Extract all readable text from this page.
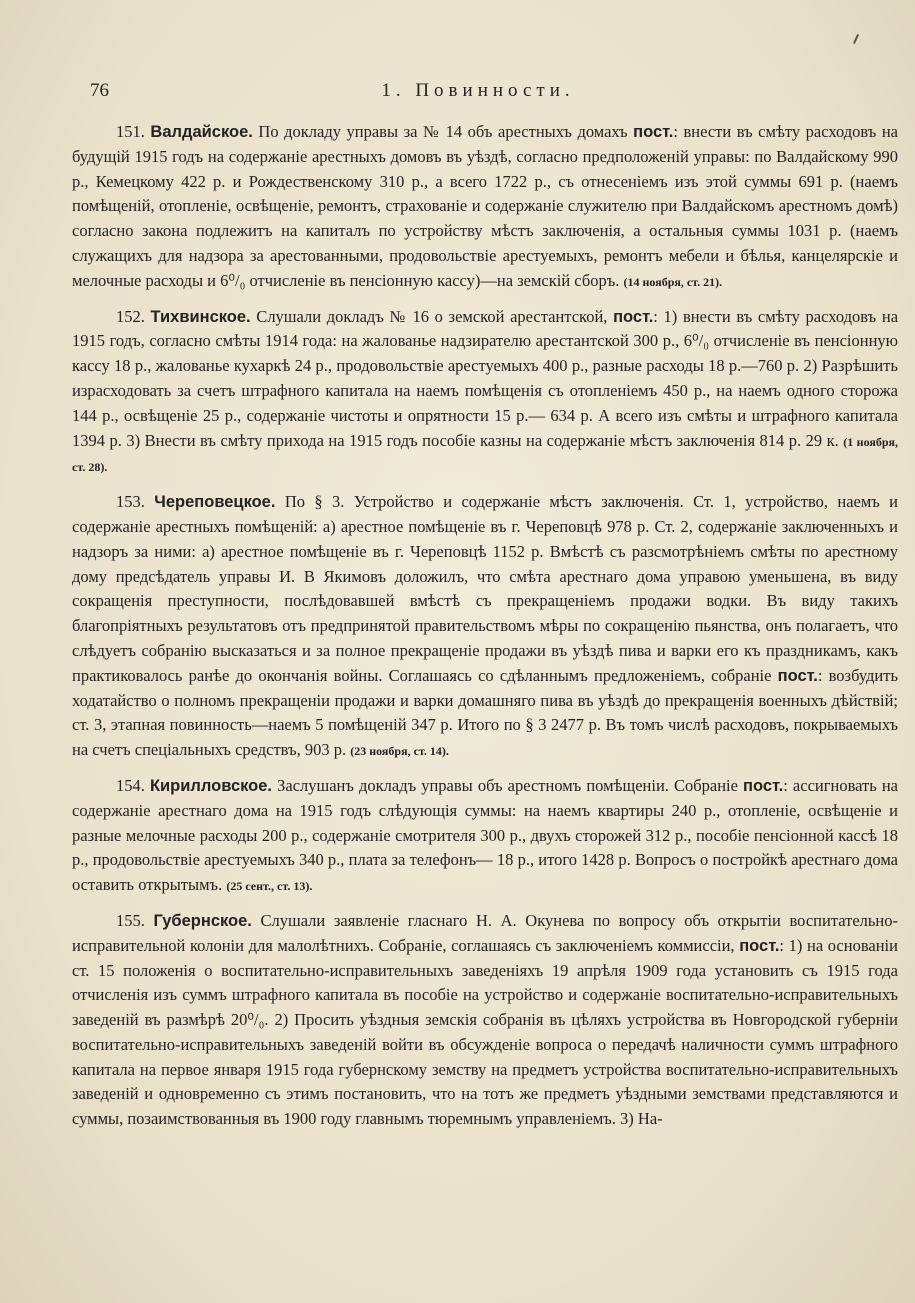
76	1. Повинности.

151. Валдайское. По докладу управы за № 14 объ арестныхъ домахъ пост.: внести въ смѣту расходовъ на будущій 1915 годъ на содержаніе арестныхъ домовъ въ уѣздѣ, согласно предположеній управы: по Валдайскому 990 р., Кемецкому 422 р. и Рождественскому 310 р., а всего 1722 р., съ отнесеніемъ изъ этой суммы 691 р. (наемъ помѣщеній, отопленіе, освѣщеніе, ремонтъ, страхованіе и содержаніе служителю при Валдайскомъ арестномъ домѣ) согласно закона подлежитъ на капиталъ по устройству мѣстъ заключенія, а остальныя суммы 1031 р. (наемъ служащихъ для надзора за арестованными, продовольствіе арестуемыхъ, ремонтъ мебели и бѣлья, канцелярскіе и мелочные расходы и 6⁰/₀ отчисленіе въ пенсіонную кассу)—на земскій сборъ. (14 ноября, ст. 21).

152. Тихвинское. Слушали докладъ № 16 о земской арестантской, пост.: 1) внести въ смѣту расходовъ на 1915 годъ, согласно смѣты 1914 года: на жалованье надзирателю арестантской 300 р., 6⁰/₀ отчисленіе въ пенсіонную кассу 18 р., жалованье кухаркѣ 24 р., продовольствіе арестуемыхъ 400 р., разные расходы 18 р.—760 р. 2) Разрѣшить израсходовать за счетъ штрафного капитала на наемъ помѣщенія съ отопленіемъ 450 р., на наемъ одного сторожа 144 р., освѣщеніе 25 р., содержаніе чистоты и опрятности 15 р.— 634 р. А всего изъ смѣты и штрафного капитала 1394 р. 3) Внести въ смѣту прихода на 1915 годъ пособіе казны на содержаніе мѣстъ заключенія 814 р. 29 к. (1 ноября, ст. 28).

153. Череповецкое. По § 3. Устройство и содержаніе мѣстъ заключенія. Ст. 1, устройство, наемъ и содержаніе арестныхъ помѣщеній: а) арестное помѣщеніе въ г. Череповцѣ 978 р. Ст. 2, содержаніе заключенныхъ и надзоръ за ними: а) арестное помѣщеніе въ г. Череповцѣ 1152 р. Вмѣстѣ съ разсмотрѣніемъ смѣты по арестному дому предсѣдатель управы И. В Якимовъ доложилъ, что смѣта арестнаго дома управою уменьшена, въ виду сокращенія преступности, послѣдовавшей вмѣстѣ съ прекращеніемъ продажи водки. Въ виду такихъ благопріятныхъ результатовъ отъ предпринятой правительствомъ мѣры по сокращенію пьянства, онъ полагаетъ, что слѣдуетъ собранію высказаться и за полное прекращеніе продажи въ уѣздѣ пива и варки его къ праздникамъ, какъ практиковалось ранѣе до окончанія войны. Соглашаясь со сдѣланнымъ предложеніемъ, собраніе пост.: возбудить ходатайство о полномъ прекращеніи продажи и варки домашняго пива въ уѣздѣ до прекращенія военныхъ дѣйствій; ст. 3, этапная повинность—наемъ 5 помѣщеній 347 р. Итого по § 3 2477 р. Въ томъ числѣ расходовъ, покрываемыхъ на счетъ спеціальныхъ средствъ, 903 р. (23 ноября, ст. 14).

154. Кирилловское. Заслушанъ докладъ управы объ арестномъ помѣщеніи. Собраніе пост.: ассигновать на содержаніе арестнаго дома на 1915 годъ слѣдующія суммы: на наемъ квартиры 240 р., отопленіе, освѣщеніе и разные мелочные расходы 200 р., содержаніе смотрителя 300 р., двухъ сторожей 312 р., пособіе пенсіонной кассѣ 18 р., продовольствіе арестуемыхъ 340 р., плата за телефонъ— 18 р., итого 1428 р. Вопросъ о постройкѣ арестнаго дома оставить открытымъ. (25 сент., ст. 13).

155. Губернское. Слушали заявленіе гласнаго Н. А. Окунева по вопросу объ открытіи воспитательно-исправительной колоніи для малолѣтнихъ. Собраніе, соглашаясь съ заключеніемъ коммиссіи, пост.: 1) на основаніи ст. 15 положенія о воспитательно-исправительныхъ заведеніяхъ 19 апрѣля 1909 года установить съ 1915 года отчисленія изъ суммъ штрафного капитала въ пособіе на устройство и содержаніе воспитательно-исправительныхъ заведеній въ размѣрѣ 20⁰/₀. 2) Просить уѣздныя земскія собранія въ цѣляхъ устройства въ Новгородской губерніи воспитательно-исправительныхъ заведеній войти въ обсужденіе вопроса о передачѣ наличности суммъ штрафного капитала на первое января 1915 года губернскому земству на предметъ устройства воспитательно-исправительныхъ заведеній и одновременно съ этимъ постановить, что на тотъ же предметъ уѣздными земствами представляются и суммы, позаимствованныя въ 1900 году главнымъ тюремнымъ управленіемъ. 3) На-
